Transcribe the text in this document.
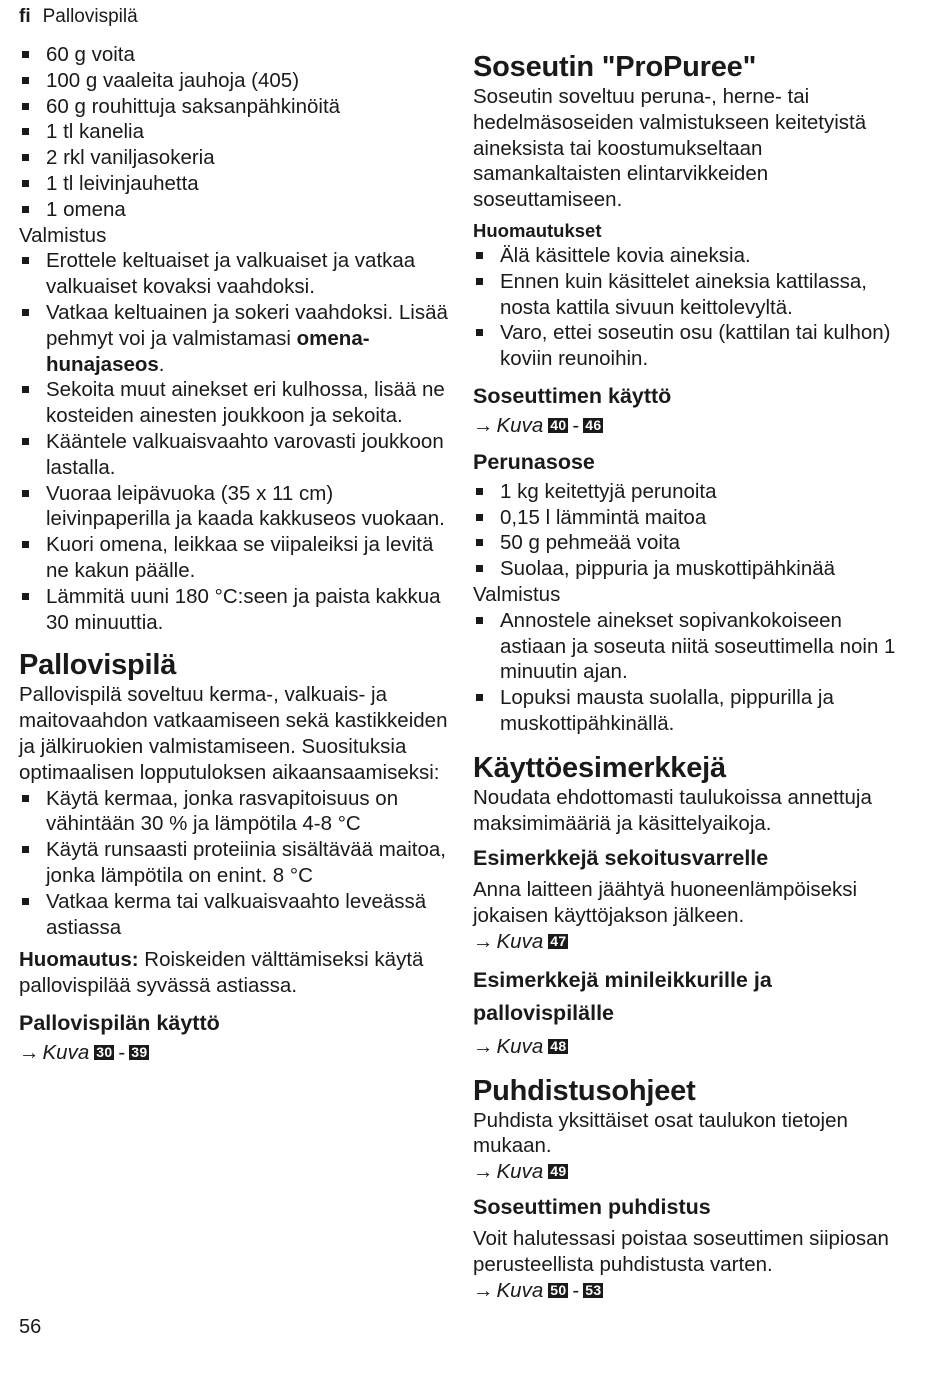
fi Pallovispilä
60 g voita
100 g vaaleita jauhoja (405)
60 g rouhittuja saksanpähkinöitä
1 tl kanelia
2 rkl vaniljasokeria
1 tl leivinjauhetta
1 omena

Valmistus

Erottele keltuaiset ja valkuaiset ja vatkaa valkuaiset kovaksi vaahdoksi.
Vatkaa keltuainen ja sokeri vaahdoksi. Lisää pehmyt voi ja valmistamasi omena-hunajaseos.
Sekoita muut ainekset eri kulhossa, lisää ne kosteiden ainesten joukkoon ja sekoita.
Kääntele valkuaisvaahto varovasti joukkoon lastalla.
Vuoraa leipävuoka (35 x 11 cm) leivinpaperilla ja kaada kakkuseos vuokaan.
Kuori omena, leikkaa se viipaleiksi ja levitä ne kakun päälle.
Lämmitä uuni 180 °C:seen ja paista kakkua 30 minuuttia.
Pallovispilä

Pallovispilä soveltuu kerma-, valkuais- ja maitovaahdon vatkaamiseen sekä kastikkeiden ja jälkiruokien valmistamiseen. Suosituksia optimaalisen lopputuloksen aikaansaamiseksi:

Käytä kermaa, jonka rasvapitoisuus on vähintään 30 % ja lämpötila 4-8 °C
Käytä runsaasti proteiinia sisältävää maitoa, jonka lämpötila on enint. 8 °C
Vatkaa kerma tai valkuaisvaahto leveässä astiassa

Huomautus: Roiskeiden välttämiseksi käytä pallovispilää syvässä astiassa.

Pallovispilän käyttö

→ Kuva 30 - 39

Soseutin "ProPuree"

Soseutin soveltuu peruna-, herne- tai hedelmäsoseiden valmistukseen keitetyistä aineksista tai koostumukseltaan samankaltaisten elintarvikkeiden soseuttamiseen.

Huomautukset
Älä käsittele kovia aineksia.
Ennen kuin käsittelet aineksia kattilassa, nosta kattila sivuun keittolevyltä.
Varo, ettei soseutin osu (kattilan tai kulhon) koviin reunoihin.
Soseuttimen käyttö

→ Kuva 40 - 46

Perunasose
1 kg keitettyjä perunoita
0,15 l lämmintä maitoa
50 g pehmeää voita
Suolaa, pippuria ja muskottipähkinää

Valmistus

Annostele ainekset sopivankokoiseen astiaan ja soseuta niitä soseuttimella noin 1 minuutin ajan.
Lopuksi mausta suolalla, pippurilla ja muskottipähkinällä.
Käyttöesimerkkejä

Noudata ehdottomasti taulukoissa annettuja maksimimääriä ja käsittelyaikoja.

Esimerkkejä sekoitusvarrelle

Anna laitteen jäähtyä huoneenlämpöiseksi jokaisen käyttöjakson jälkeen.

→ Kuva 47

Esimerkkejä minileikkurille ja pallovispilälle

→ Kuva 48

Puhdistusohjeet

Puhdista yksittäiset osat taulukon tietojen mukaan.

→ Kuva 49

Soseuttimen puhdistus

Voit halutessasi poistaa soseuttimen siipiosan perusteellista puhdistusta varten.

→ Kuva 50 - 53

56
